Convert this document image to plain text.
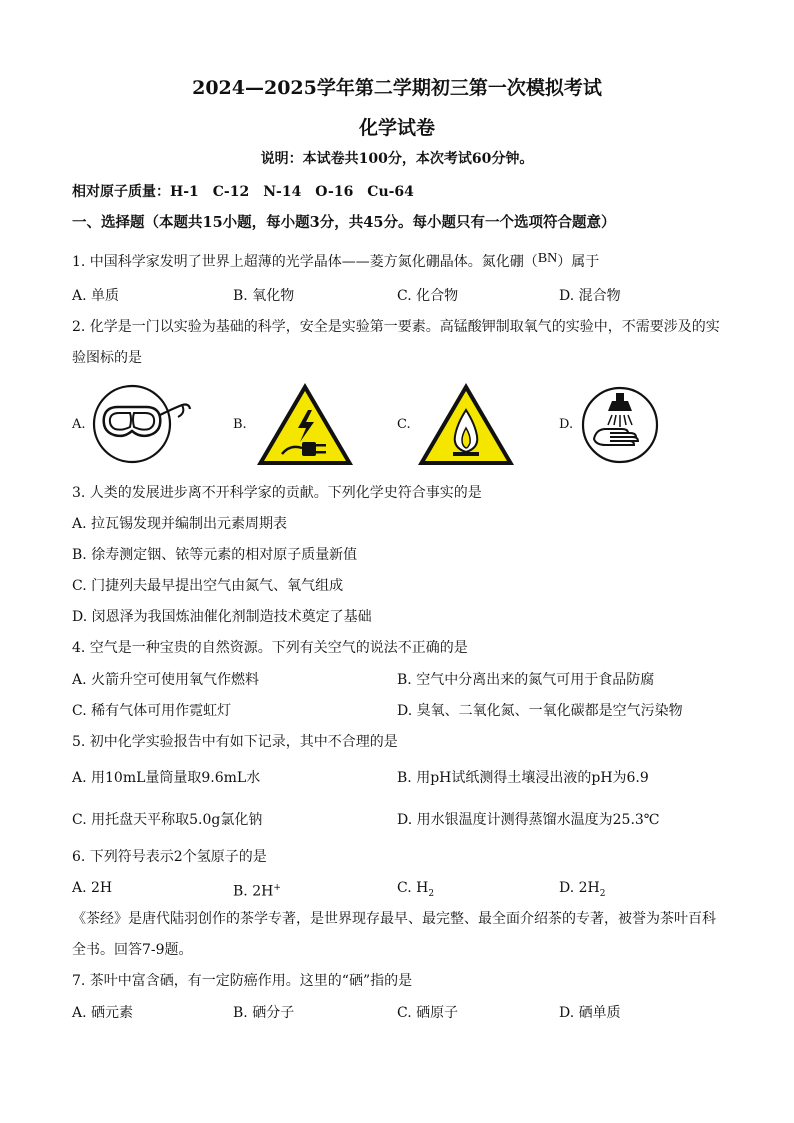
2024—2025学年第二学期初三第一次模拟考试
化学试卷
说明：本试卷共100分，本次考试60分钟。
相对原子质量：H-1　C-12　N-14　O-16　Cu-64
一、选择题（本题共15小题，每小题3分，共45分。每小题只有一个选项符合题意）
1. 中国科学家发明了世界上超薄的光学晶体——菱方氮化硼晶体。氮化硼（BN）属于
A. 单质	B. 氧化物	C. 化合物	D. 混合物
2. 化学是一门以实验为基础的科学，安全是实验第一要素。高锰酸钾制取氧气的实验中，不需要涉及的实
验图标的是
A.	B.	C.	D.
3. 人类的发展进步离不开科学家的贡献。下列化学史符合事实的是
A. 拉瓦锡发现并编制出元素周期表
B. 徐寿测定铟、铱等元素的相对原子质量新值
C. 门捷列夫最早提出空气由氮气、氧气组成
D. 闵恩泽为我国炼油催化剂制造技术奠定了基础
4. 空气是一种宝贵的自然资源。下列有关空气的说法不正确的是
A. 火箭升空可使用氧气作燃料	B. 空气中分离出来的氮气可用于食品防腐
C. 稀有气体可用作霓虹灯	D. 臭氧、二氧化氮、一氧化碳都是空气污染物
5. 初中化学实验报告中有如下记录，其中不合理的是
A. 用10mL量筒量取9.6mL水	B. 用pH试纸测得土壤浸出液的pH为6.9
C. 用托盘天平称取5.0g氯化钠	D. 用水银温度计测得蒸馏水温度为25.3℃
6. 下列符号表示2个氢原子的是
A. 2H	B. 2H+	C. $H_2$	D. $2H_2$
《茶经》是唐代陆羽创作的茶学专著，是世界现存最早、最完整、最全面介绍茶的专著，被誉为茶叶百科
全书。回答7-9题。
7. 茶叶中富含硒，有一定防癌作用。这里的“硒”指的是
A. 硒元素	B. 硒分子	C. 硒原子	D. 硒单质
